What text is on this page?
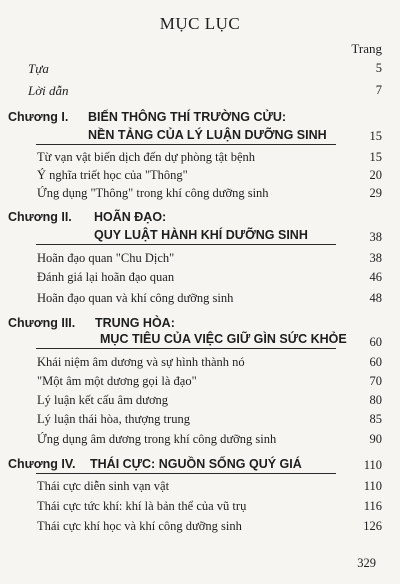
MỤC LỤC
Trang
Tựa	5
Lời dẫn	7
Chương I. BIẾN THÔNG THÍ TRƯỜNG CỬU:
NỀN TẢNG CỦA LÝ LUẬN DƯỠNG SINH	15
Từ vạn vật biến dịch đến dự phòng tật bệnh	15
Ý nghĩa triết học của "Thông"	20
Ứng dụng "Thông" trong khí công dưỡng sinh	29
Chương II. HOÃN ĐẠO:
QUY LUẬT HÀNH KHÍ DƯỠNG SINH	38
Hoãn đạo quan "Chu Dịch"	38
Đánh giá lại hoãn đạo quan	46
Hoãn đạo quan và khí công dưỡng sinh	48
Chương III. TRUNG HÒA:
MỤC TIÊU CỦA VIỆC GIỮ GÌN SỨC KHỎE 60
Khái niệm âm dương và sự hình thành nó	60
"Một âm một dương gọi là đạo"	70
Lý luận kết cấu âm dương	80
Lý luận thái hòa, thượng trung	85
Ứng dụng âm dương trong khí công dưỡng sinh	90
Chương IV. THÁI CỰC: NGUỒN SỐNG QUÝ GIÁ	110
Thái cực diễn sinh vạn vật	110
Thái cực tức khí: khí là bản thể của vũ trụ	116
Thái cực khí học và khí công dưỡng sinh	126
329
